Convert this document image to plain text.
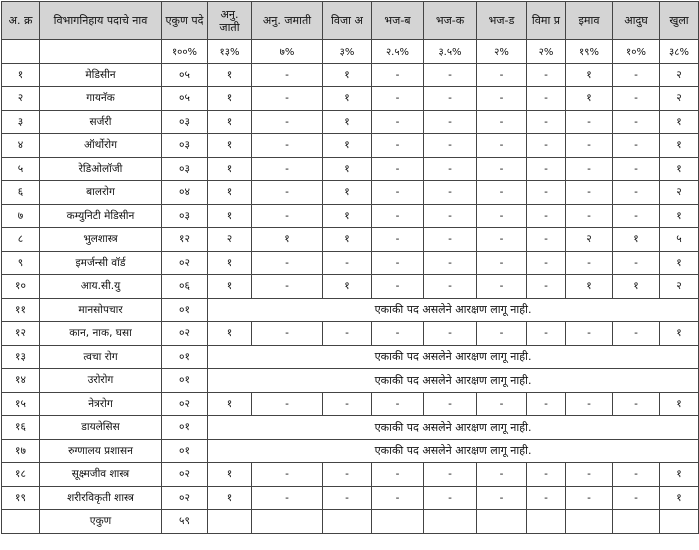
अ. क्र	विभागनिहाय पदाचे नाव	एकुण पदे	अनु. जाती	अनु. जमाती	विजा अ	भज-ब	भज-क	भज-ड	विमा प्र	इमाव	आदुघ	खुला
		१००%	१३%	७%	३%	२.५%	३.५%	२%	२%	१९%	१०%	३८%
१	मेडिसीन	०५	१	-	१	-	-	-	-	१	-	२
२	गायनॅक	०५	१	-	१	-	-	-	-	१	-	२
३	सर्जरी	०३	१	-	१	-	-	-	-	-	-	१
४	ऑर्थोरोग	०३	१	-	१	-	-	-	-	-	-	१
५	रेडिओलॉजी	०३	१	-	१	-	-	-	-	-	-	१
६	बालरोग	०४	१	-	१	-	-	-	-	-	-	२
७	कम्युनिटी मेडिसीन	०३	१	-	१	-	-	-	-	-	-	१
८	भुलशास्त्र	१२	२	१	१	-	-	-	-	२	१	५
९	इमर्जन्सी वॉर्ड	०२	१	-	-	-	-	-	-	-	-	१
१०	आय.सी.यु	०६	१	-	१	-	-	-	-	१	१	२
११	मानसोपचार	०१	एकाकी पद असलेने आरक्षण लागू नाही.									
१२	कान, नाक, घसा	०२	१	-	-	-	-	-	-	-	-	१
१३	त्वचा रोग	०१	एकाकी पद असलेने आरक्षण लागू नाही.									
१४	उरोरोग	०१	एकाकी पद असलेने आरक्षण लागू नाही.									
१५	नेत्ररोग	०२	१	-	-	-	-	-	-	-	-	१
१६	डायलेसिस	०१	एकाकी पद असलेने आरक्षण लागू नाही.									
१७	रुग्णालय प्रशासन	०१	एकाकी पद असलेने आरक्षण लागू नाही.									
१८	सूक्ष्मजीव शास्त्र	०२	१	-	-	-	-	-	-	-	-	१
१९	शरीरविकृती शास्त्र	०२	१	-	-	-	-	-	-	-	-	१
	एकुण	५९										
